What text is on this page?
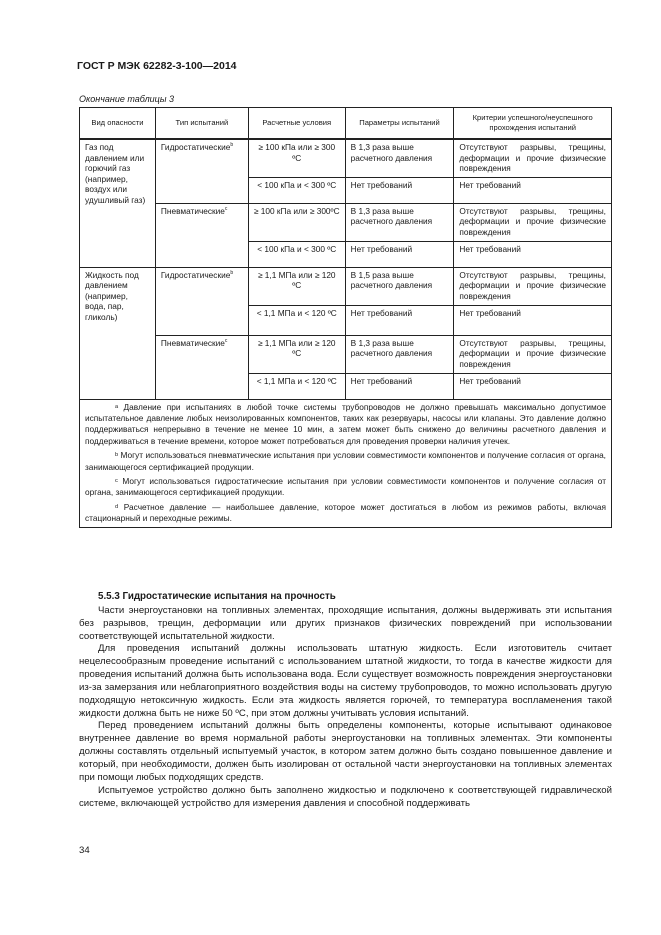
ГОСТ Р МЭК 62282-3-100—2014
Окончание таблицы 3
Вид опасности	Тип испытаний	Расчетные условия	Параметры испытаний	Критерии успешного/неуспешного прохождения испытаний
Газ под давлением или горючий газ (например, воздух или удушливый газ)	Гидростатические$^b$	≥ 100 кПа или ≥ 300 ºC	В 1,3 раза выше расчетного давления	Отсутствуют разрывы, трещины, деформации и прочие физические повреждения
		< 100 кПа и < 300 ºC	Нет требований	Нет требований
	Пневматические$^c$	≥ 100 кПа или ≥ 300ºC	В 1,3 раза выше расчетного давления	Отсутствуют разрывы, трещины, деформации и прочие физические повреждения
		< 100 кПа и < 300 ºC	Нет требований	Нет требований
Жидкость под давлением (например, вода, пар, гликоль)	Гидростатические$^b$	≥ 1,1 МПа или ≥ 120 ºC	В 1,5 раза выше расчетного давления	Отсутствуют разрывы, трещины, деформации и прочие физические повреждения
		< 1,1 МПа и < 120 ºC	Нет требований	Нет требований
	Пневматические$^c$	≥ 1,1 МПа или ≥ 120 ºC	В 1,3 раза выше расчетного давления	Отсутствуют разрывы, трещины, деформации и прочие физические повреждения
		< 1,1 МПа и < 120 ºC	Нет требований	Нет требований

ᵃ Давление при испытаниях в любой точке системы трубопроводов не должно превышать максимально допустимое испытательное давление любых неизолированных компонентов, таких как резервуары, насосы или клапаны. Это давление должно поддерживаться непрерывно в течение не менее 10 мин, а затем может быть снижено до величины расчетного давления и поддерживаться в течение времени, которое может потребоваться для проведения проверки наличия утечек.
ᵇ Могут использоваться пневматические испытания при условии совместимости компонентов и получение согласия от органа, занимающегося сертификацией продукции.
ᶜ Могут использоваться гидростатические испытания при условии совместимости компонентов и получение согласия от органа, занимающегося сертификацией продукции.
ᵈ Расчетное давление — наибольшее давление, которое может достигаться в любом из режимов работы, включая стационарный и переходные режимы.				
5.5.3 Гидростатические испытания на прочность

Части энергоустановки на топливных элементах, проходящие испытания, должны выдерживать эти испытания без разрывов, трещин, деформации или других признаков физических повреждений при использовании соответствующей испытательной жидкости.

Для проведения испытаний должны использовать штатную жидкость. Если изготовитель считает нецелесообразным проведение испытаний с использованием штатной жидкости, то тогда в качестве жидкости для проведения испытаний должна быть использована вода. Если существует возможность повреждения энергоустановки из-за замерзания или неблагоприятного воздействия воды на систему трубопроводов, то можно использовать другую подходящую нетоксичную жидкость. Если эта жидкость является горючей, то температура воспламенения такой жидкости должна быть не ниже 50 ºC, при этом должны учитывать условия испытаний.

Перед проведением испытаний должны быть определены компоненты, которые испытывают одинаковое внутреннее давление во время нормальной работы энергоустановки на топливных элементах. Эти компоненты должны составлять отдельный испытуемый участок, в котором затем должно быть создано повышенное давление и который, при необходимости, должен быть изолирован от остальной части энергоустановки на топливных элементах при помощи любых подходящих средств.

Испытуемое устройство должно быть заполнено жидкостью и подключено к соответствующей гидравлической системе, включающей устройство для измерения давления и способной поддерживать

34
